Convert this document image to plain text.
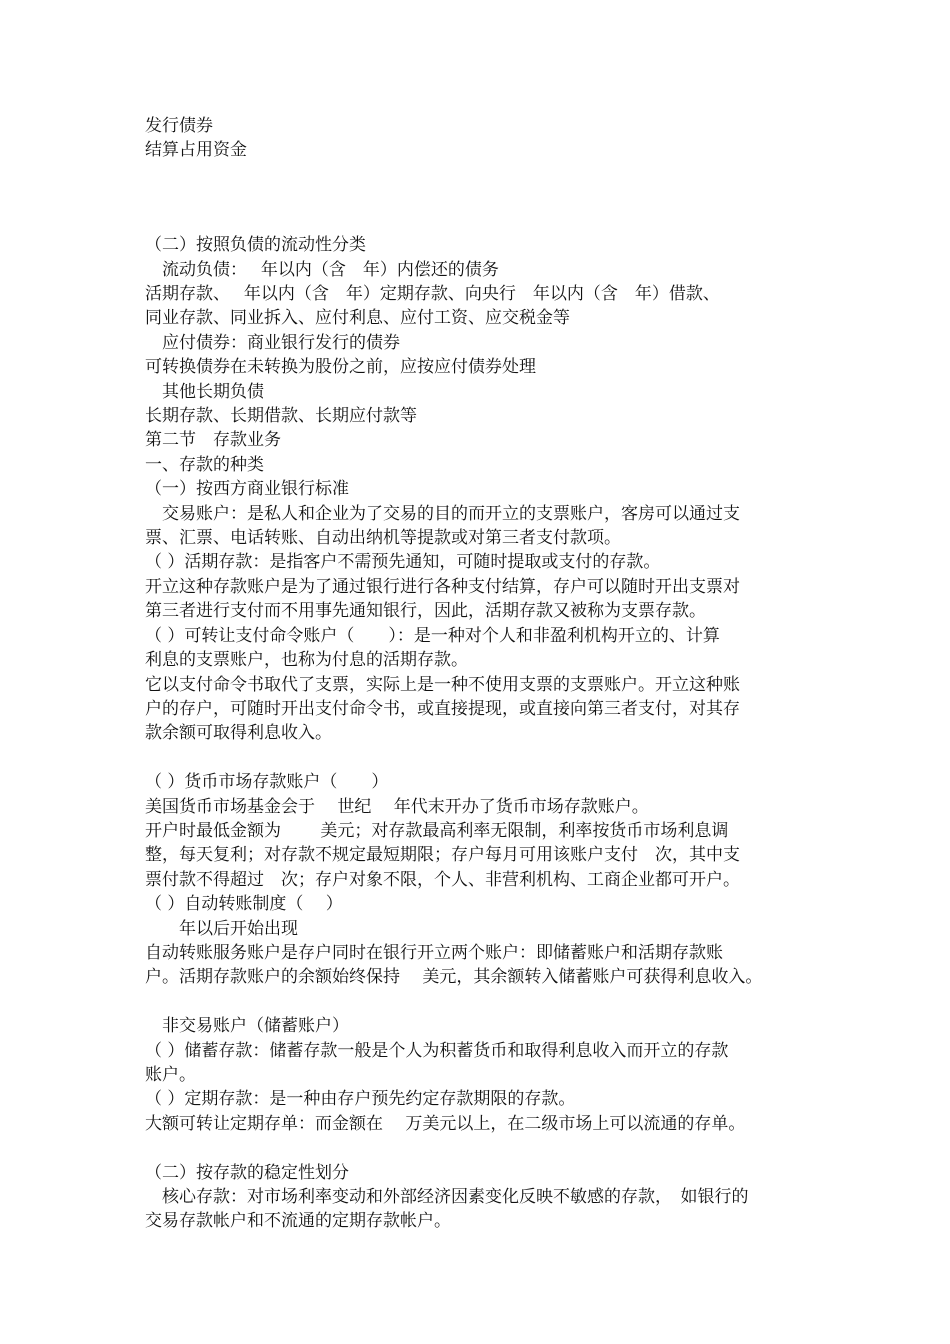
发行债券
结算占用资金
（二）按照负债的流动性分类
　流动负债：　 年以内（含　年）内偿还的债务
活期存款、　 年以内（含　年）定期存款、向央行　年以内（含　年）借款、
同业存款、同业拆入、应付利息、应付工资、应交税金等
　应付债券：商业银行发行的债券
可转换债券在未转换为股份之前，应按应付债券处理
　其他长期负债
长期存款、长期借款、长期应付款等
第二节　存款业务
一、存款的种类
（一）按西方商业银行标准
　交易账户：是私人和企业为了交易的目的而开立的支票账户，客房可以通过支
票、汇票、电话转账、自动出纳机等提款或对第三者支付款项。
（ ）活期存款：是指客户不需预先通知，可随时提取或支付的存款。
开立这种存款账户是为了通过银行进行各种支付结算，存户可以随时开出支票对
第三者进行支付而不用事先通知银行，因此，活期存款又被称为支票存款。
（ ）可转让支付命令账户（　　）：是一种对个人和非盈利机构开立的、计算
利息的支票账户，也称为付息的活期存款。
它以支付命令书取代了支票，实际上是一种不使用支票的支票账户。开立这种账
户的存户，可随时开出支付命令书，或直接提现，或直接向第三者支付，对其存
款余额可取得利息收入。
（ ）货币市场存款账户（　　）
美国货币市场基金会于　 世纪　 年代末开办了货币市场存款账户。
开户时最低金额为　　 美元；对存款最高利率无限制，利率按货币市场利息调
整，每天复利；对存款不规定最短期限；存户每月可用该账户支付　次，其中支
票付款不得超过　次；存户对象不限，个人、非营利机构、工商企业都可开户。
（ ）自动转账制度（　 ）
　　年以后开始出现
自动转账服务账户是存户同时在银行开立两个账户：即储蓄账户和活期存款账
户。活期存款账户的余额始终保持　 美元，其余额转入储蓄账户可获得利息收入。
　非交易账户（储蓄账户）
（ ）储蓄存款：储蓄存款一般是个人为积蓄货币和取得利息收入而开立的存款
账户。
（ ）定期存款：是一种由存户预先约定存款期限的存款。
大额可转让定期存单：而金额在　 万美元以上，在二级市场上可以流通的存单。
（二）按存款的稳定性划分
　核心存款：对市场利率变动和外部经济因素变化反映不敏感的存款，　如银行的
交易存款帐户和不流通的定期存款帐户。
